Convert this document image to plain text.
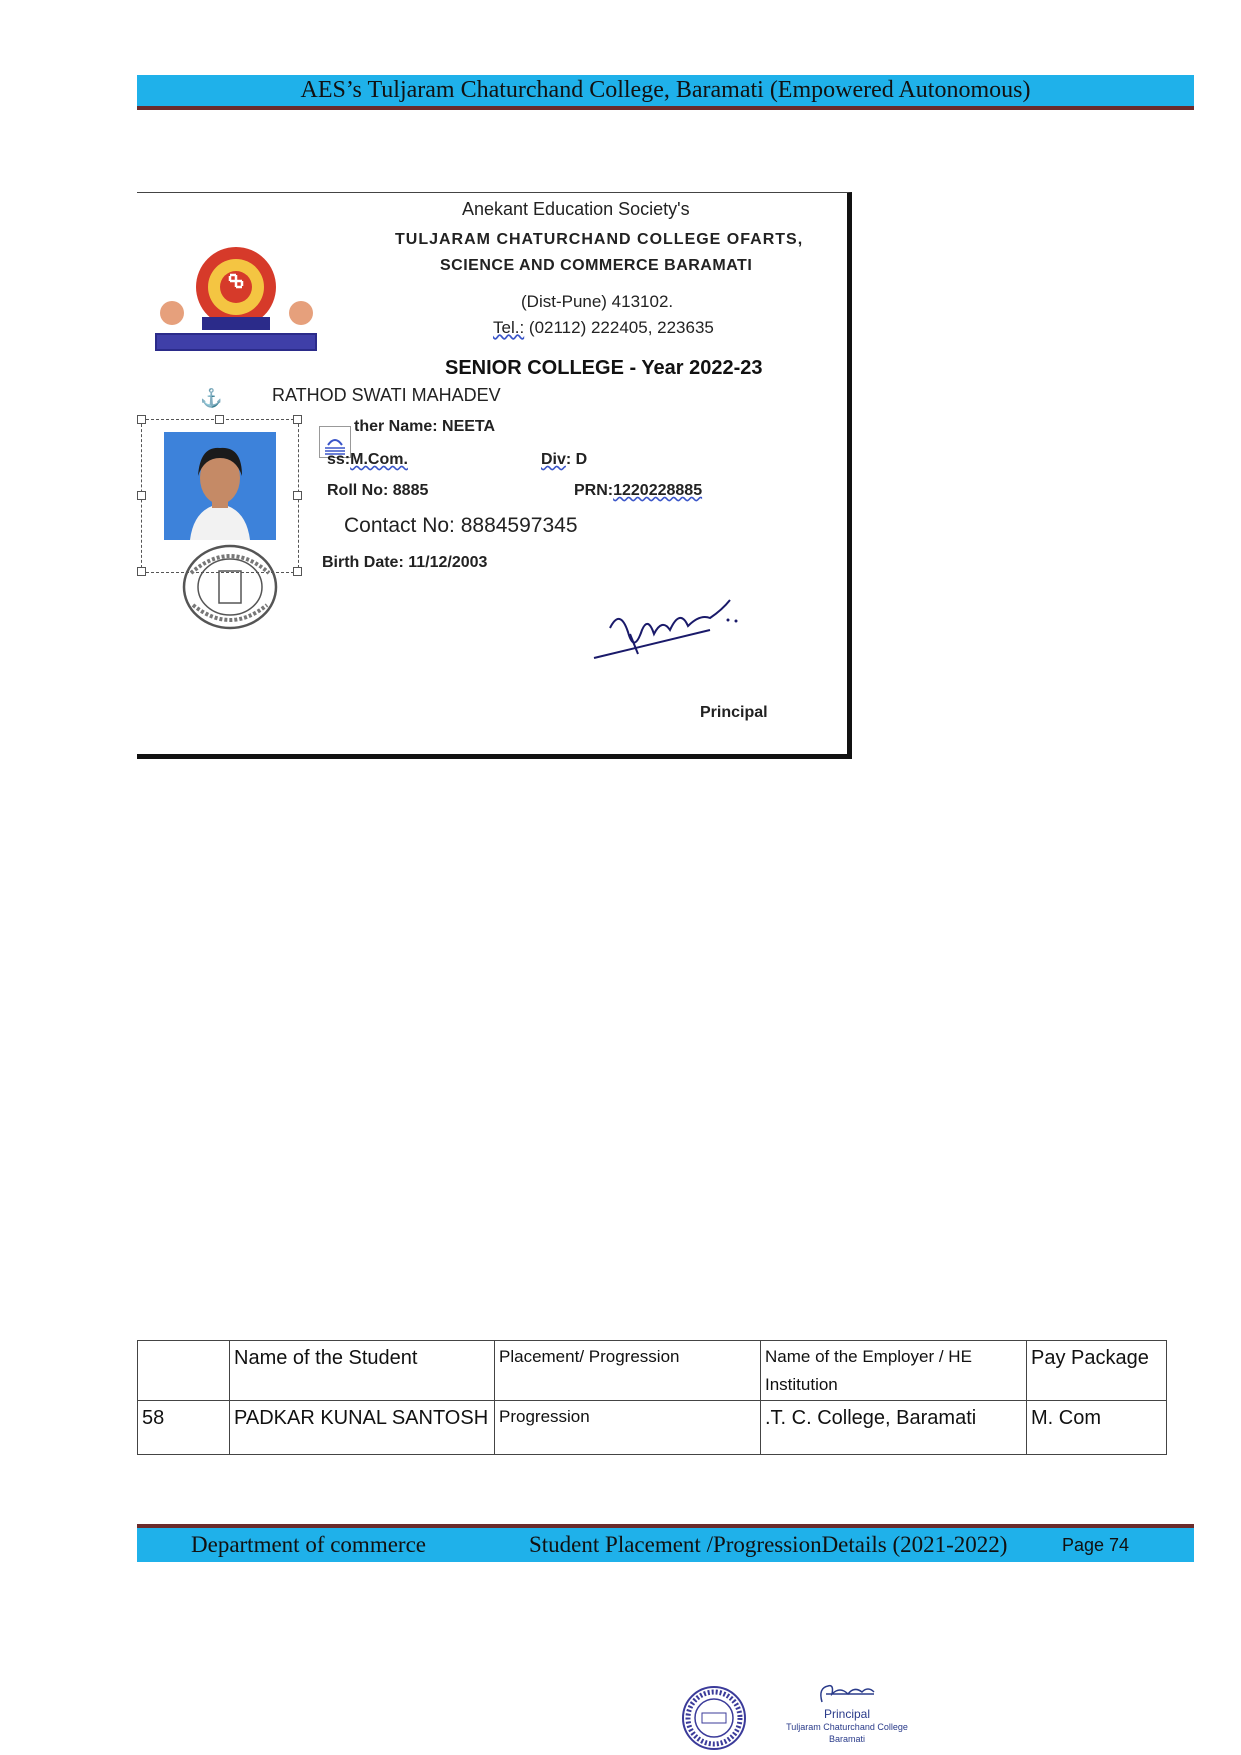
AES’s Tuljaram Chaturchand College, Baramati (Empowered Autonomous)
Anekant Education Society's
TULJARAM CHATURCHAND COLLEGE OFARTS,
SCIENCE AND COMMERCE BARAMATI
(Dist-Pune) 413102.
Tel.: (02112) 222405, 223635
SENIOR COLLEGE - Year 2022-23
⚓	RATHOD SWATI MAHADEV
ther Name: NEETA
ss:M.Com.	Div: D
Roll No: 8885	PRN:1220228885
Contact No: 8884597345
Birth Date: 11/12/2003
Principal
	Name of the Student	Placement/ Progression	Name of the Employer / HE Institution	Pay Package
58	PADKAR KUNAL SANTOSH	Progression	.T. C. College, Baramati	M. Com
Department of commerce	Student Placement /ProgressionDetails (2021-2022)	Page 74
Principal
Tuljaram Chaturchand College
Baramati
